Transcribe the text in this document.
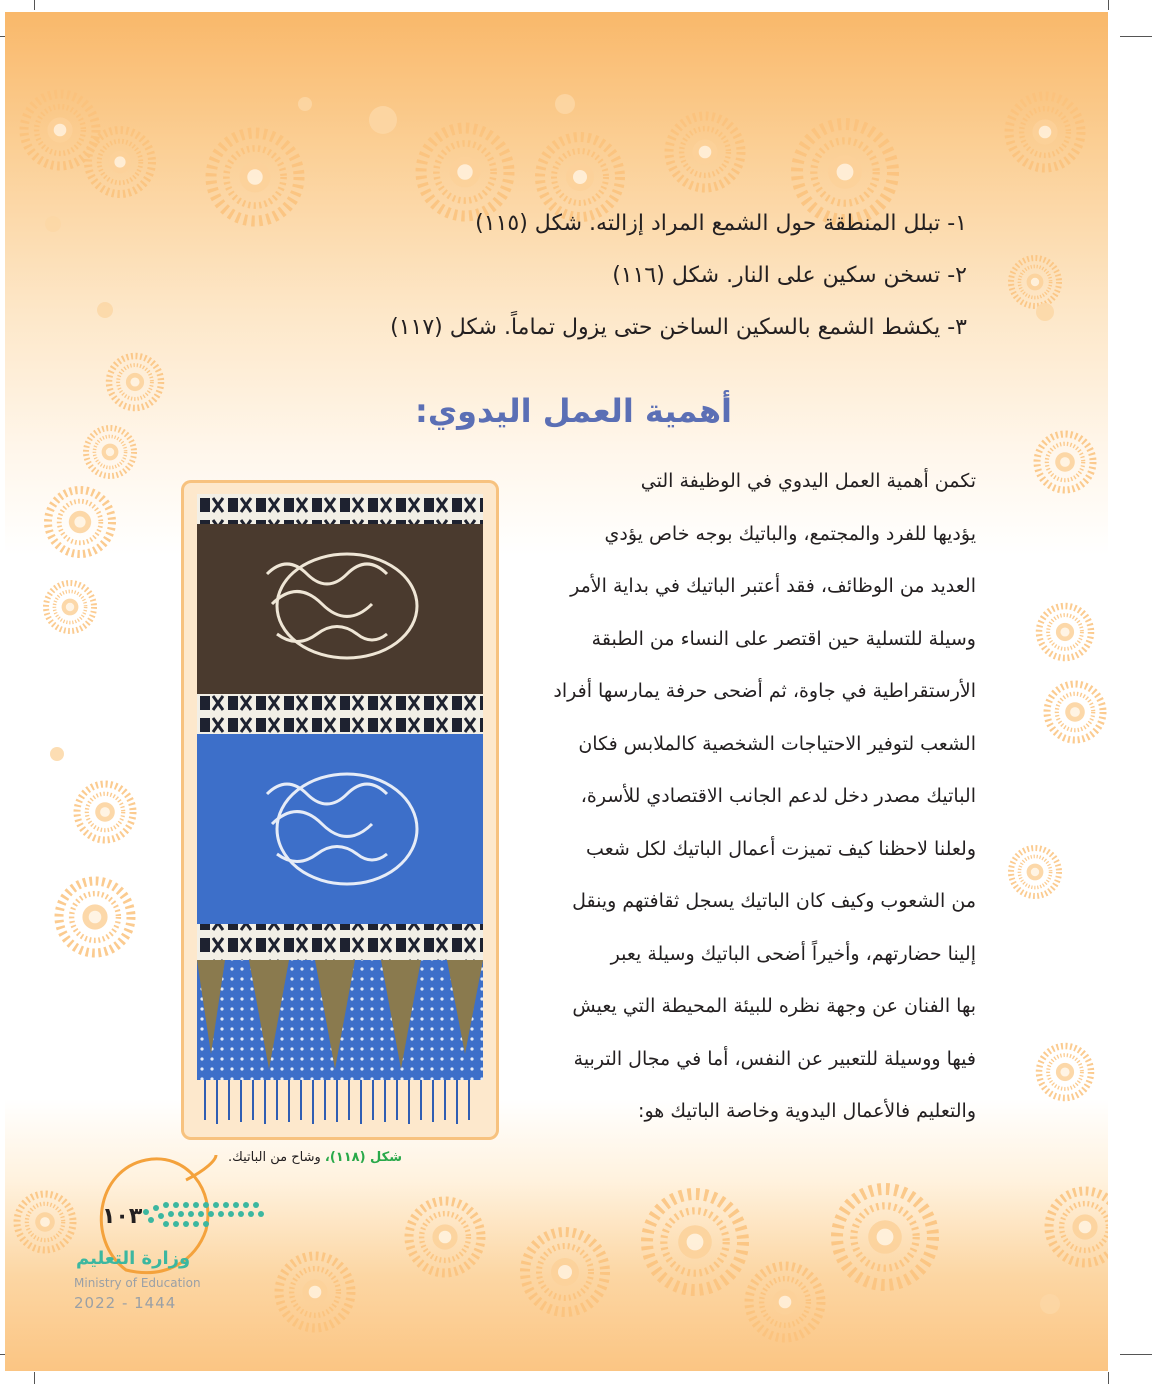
١- تبلل المنطقة حول الشمع المراد إزالته. شكل (١١٥)
٢- تسخن سكين على النار. شكل (١١٦)
٣- يكشط الشمع بالسكين الساخن حتى يزول تماماً. شكل (١١٧)
أهمية العمل اليدوي:
تكمن أهمية العمل اليدوي في الوظيفة التي
يؤديها للفرد والمجتمع، والباتيك بوجه خاص يؤدي
العديد من الوظائف، فقد أعتبر الباتيك في بداية الأمر
وسيلة للتسلية حين اقتصر على النساء من الطبقة
الأرستقراطية في جاوة، ثم أضحى حرفة يمارسها أفراد
الشعب لتوفير الاحتياجات الشخصية كالملابس فكان
الباتيك مصدر دخل لدعم الجانب الاقتصادي للأسرة،
ولعلنا لاحظنا كيف تميزت أعمال الباتيك لكل شعب
من الشعوب وكيف كان الباتيك يسجل ثقافتهم وينقل
إلينا حضارتهم، وأخيراً أضحى الباتيك وسيلة يعبر
بها الفنان عن وجهة نظره للبيئة المحيطة التي يعيش
فيها ووسيلة للتعبير عن النفس، أما في مجال التربية
والتعليم فالأعمال اليدوية وخاصة الباتيك هو:
شكل (١١٨)، وشاح من الباتيك.
١٠٣
وزارة التعليم
Ministry of Education
2022 - 1444
